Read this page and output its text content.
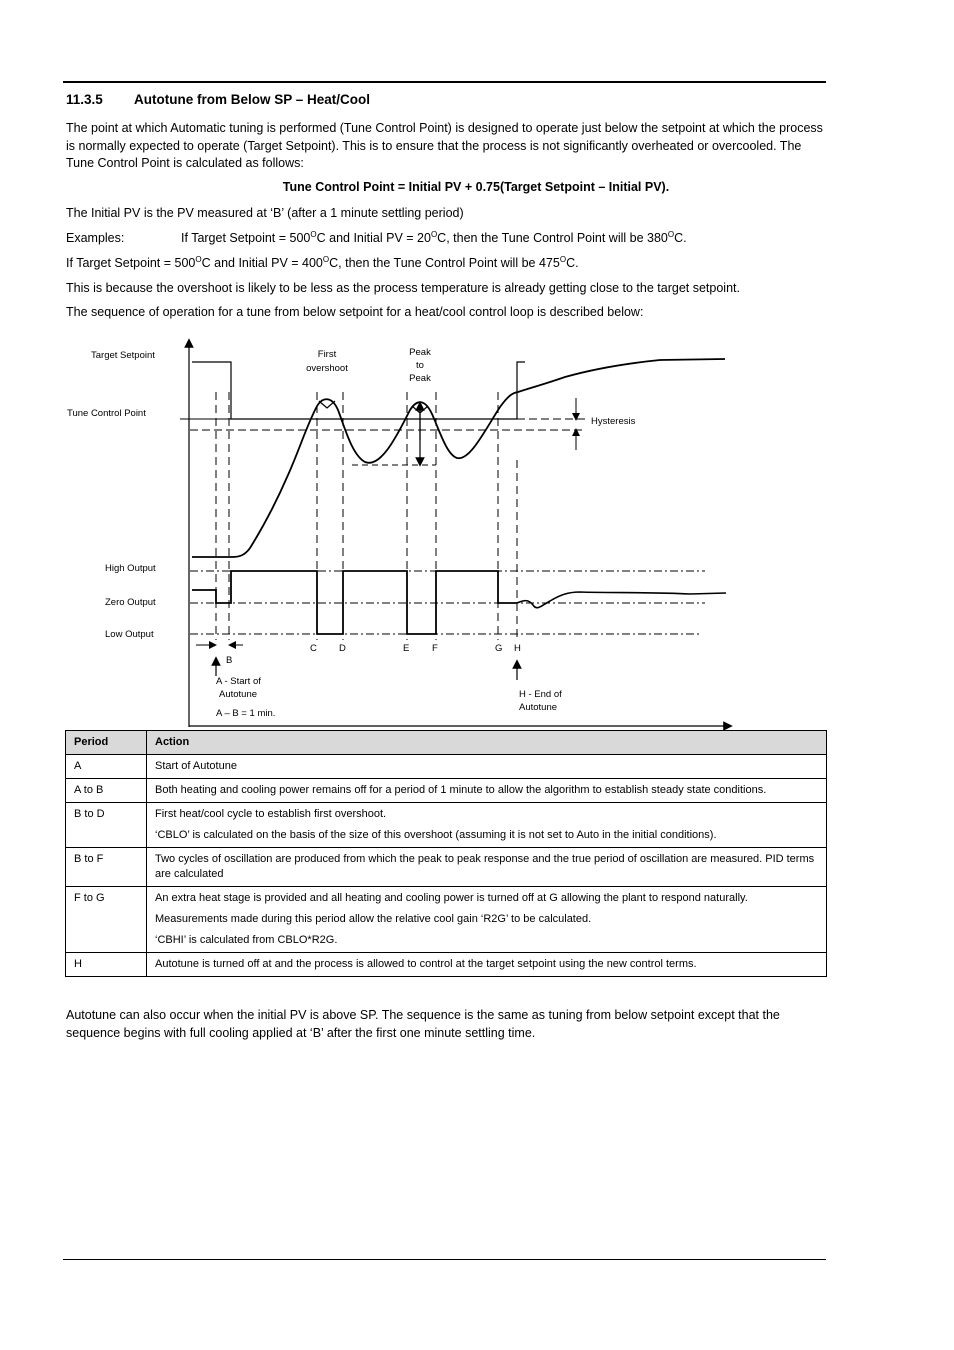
11.3.5 Autotune from Below SP – Heat/Cool
The point at which Automatic tuning is performed (Tune Control Point) is designed to operate just below the setpoint at which the process is normally expected to operate (Target Setpoint). This is to ensure that the process is not significantly overheated or overcooled. The Tune Control Point is calculated as follows:
Tune Control Point = Initial PV + 0.75(Target Setpoint – Initial PV).
The Initial PV is the PV measured at ‘B’ (after a 1 minute settling period)
Examples:	If Target Setpoint = $500^OC$ and Initial PV = $20^OC$, then the Tune Control Point will be $380^OC$.
If Target Setpoint = $500^OC$ and Initial PV = $400^OC$, then the Tune Control Point will be $475^OC$.
This is because the overshoot is likely to be less as the process temperature is already getting close to the target setpoint.
The sequence of operation for a tune from below setpoint for a heat/cool control loop is described below:
Target Setpoint
Tune Control Point
High Output
Zero Output
Low Output
First
overshoot
Peak
to
Peak
Hysteresis
B
C D	E F	G H
A - Start of
Autotune
A – B = 1 min.
H - End of
Autotune
Period	Action
A	Start of Autotune

A to B	Both heating and cooling power remains off for a period of 1 minute to allow the algorithm to establish steady state conditions.

B to D	First heat/cool cycle to establish first overshoot.

‘CBLO’ is calculated on the basis of the size of this overshoot (assuming it is not set to Auto in the initial conditions).

B to F	Two cycles of oscillation are produced from which the peak to peak response and the true period of oscillation are measured. PID terms are calculated

F to G	An extra heat stage is provided and all heating and cooling power is turned off at G allowing the plant to respond naturally.

Measurements made during this period allow the relative cool gain ‘R2G’ to be calculated.

‘CBHI’ is calculated from CBLO*R2G.

H	Autotune is turned off at and the process is allowed to control at the target setpoint using the new control terms.

Autotune can also occur when the initial PV is above SP. The sequence is the same as tuning from below setpoint except that the sequence begins with full cooling applied at ‘B’ after the first one minute settling time.
